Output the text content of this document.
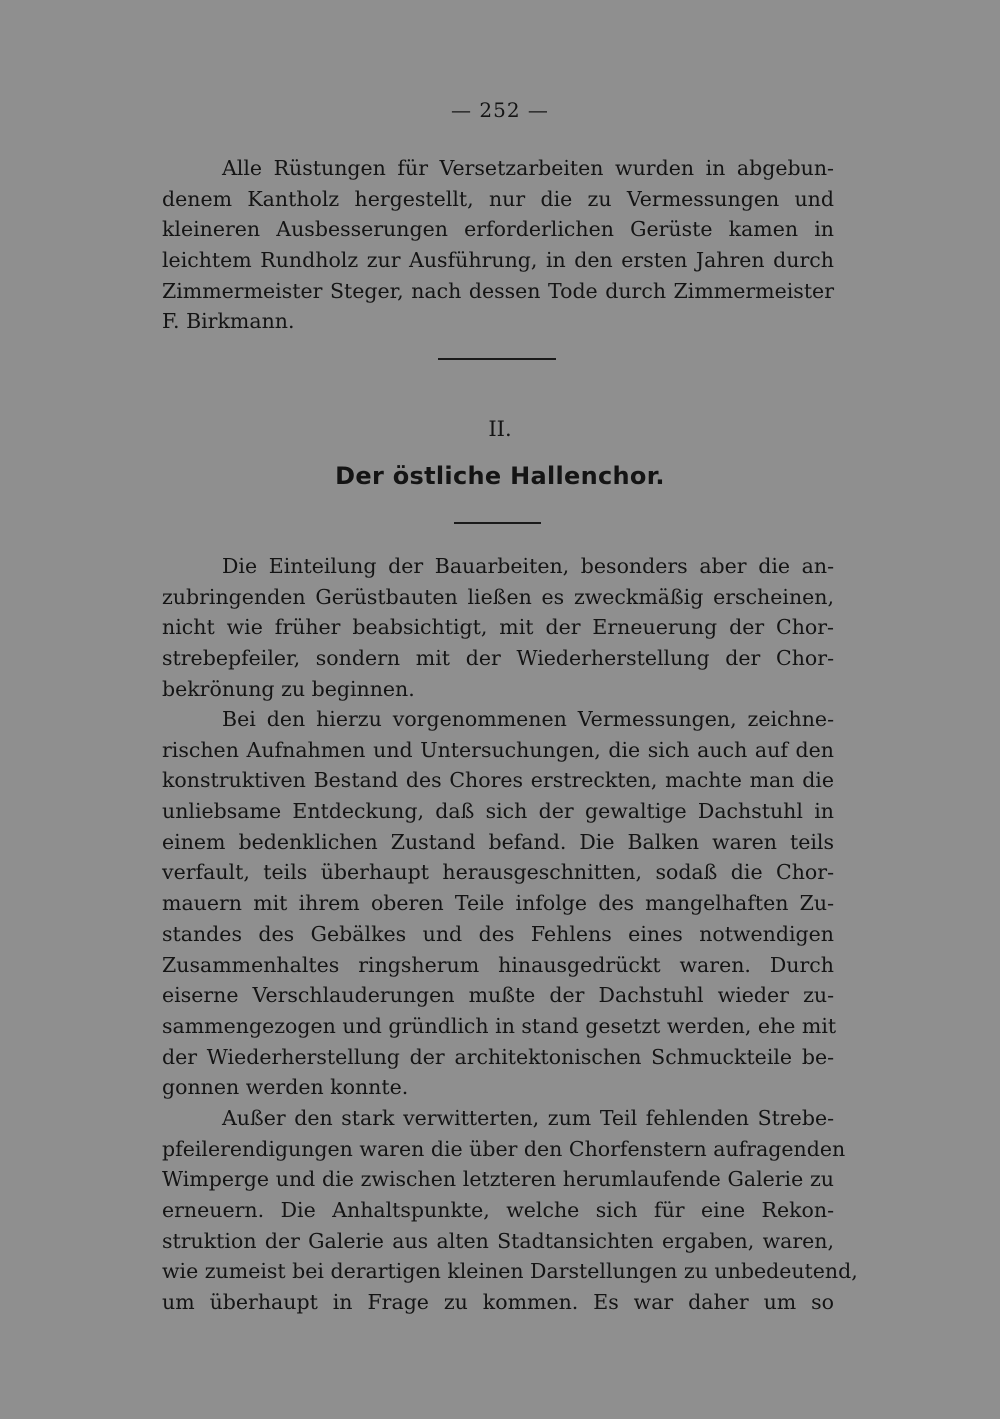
— 252 —
Alle Rüstungen für Versetzarbeiten wurden in abgebun-
denem Kantholz hergestellt, nur die zu Vermessungen und
kleineren Ausbesserungen erforderlichen Gerüste kamen in
leichtem Rundholz zur Ausführung, in den ersten Jahren durch
Zimmermeister Steger, nach dessen Tode durch Zimmermeister
F. Birkmann.
II.
Der östliche Hallenchor.
Die Einteilung der Bauarbeiten, besonders aber die an-
zubringenden Gerüstbauten ließen es zweckmäßig erscheinen,
nicht wie früher beabsichtigt, mit der Erneuerung der Chor-
strebepfeiler, sondern mit der Wiederherstellung der Chor-
bekrönung zu beginnen.
Bei den hierzu vorgenommenen Vermessungen, zeichne-
rischen Aufnahmen und Untersuchungen, die sich auch auf den
konstruktiven Bestand des Chores erstreckten, machte man die
unliebsame Entdeckung, daß sich der gewaltige Dachstuhl in
einem bedenklichen Zustand befand. Die Balken waren teils
verfault, teils überhaupt herausgeschnitten, sodaß die Chor-
mauern mit ihrem oberen Teile infolge des mangelhaften Zu-
standes des Gebälkes und des Fehlens eines notwendigen
Zusammenhaltes ringsherum hinausgedrückt waren. Durch
eiserne Verschlauderungen mußte der Dachstuhl wieder zu-
sammengezogen und gründlich in stand gesetzt werden, ehe mit
der Wiederherstellung der architektonischen Schmuckteile be-
gonnen werden konnte.
Außer den stark verwitterten, zum Teil fehlenden Strebe-
pfeilerendigungen waren die über den Chorfenstern aufragenden
Wimperge und die zwischen letzteren herumlaufende Galerie zu
erneuern. Die Anhaltspunkte, welche sich für eine Rekon-
struktion der Galerie aus alten Stadtansichten ergaben, waren,
wie zumeist bei derartigen kleinen Darstellungen zu unbedeutend,
um überhaupt in Frage zu kommen. Es war daher um so
